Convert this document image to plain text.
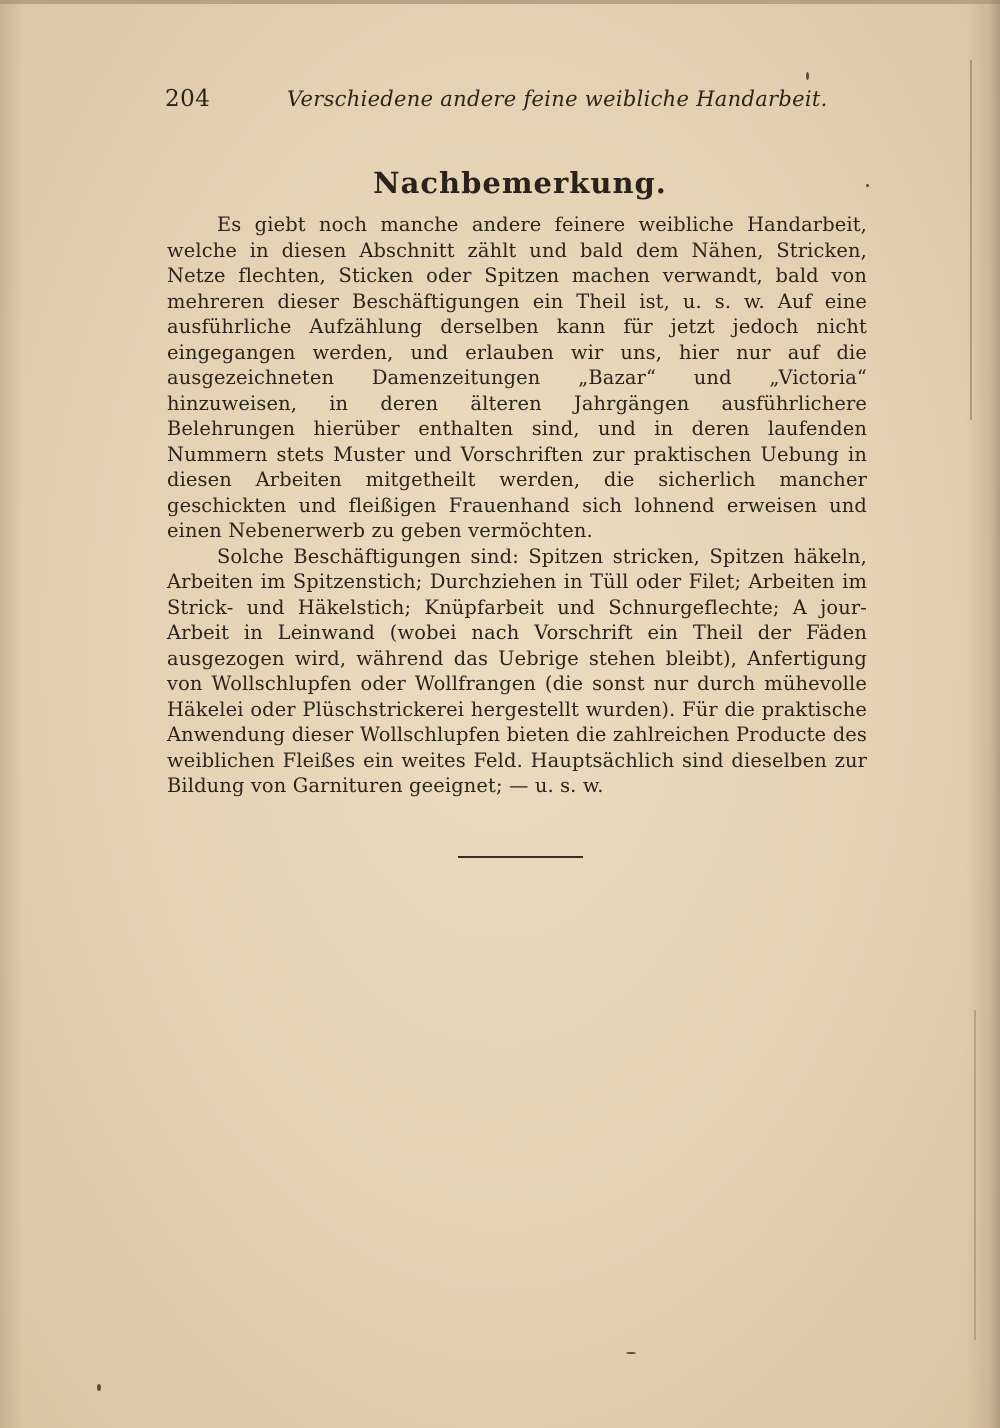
204	Verschiedene andere feine weibliche Handarbeit.
Nachbemerkung.

Es giebt noch manche andere feinere weibliche Handarbeit, welche in diesen Abschnitt zählt und bald dem Nähen, Stricken, Netze flechten, Sticken oder Spitzen machen verwandt, bald von mehreren dieser Beschäftigungen ein Theil ist, u. s. w. Auf eine ausführliche Aufzählung derselben kann für jetzt jedoch nicht eingegangen werden, und erlauben wir uns, hier nur auf die ausgezeichneten Damenzeitungen „Bazar“ und „Victoria“ hinzuweisen, in deren älteren Jahrgängen ausführlichere Belehrungen hierüber enthalten sind, und in deren laufenden Nummern stets Muster und Vorschriften zur praktischen Uebung in diesen Arbeiten mitgetheilt werden, die sicherlich mancher geschickten und fleißigen Frauenhand sich lohnend erweisen und einen Nebenerwerb zu geben vermöchten.

Solche Beschäftigungen sind: Spitzen stricken, Spitzen häkeln, Arbeiten im Spitzenstich; Durchziehen in Tüll oder Filet; Arbeiten im Strick- und Häkelstich; Knüpfarbeit und Schnurgeflechte; A jour-Arbeit in Leinwand (wobei nach Vorschrift ein Theil der Fäden ausgezogen wird, während das Uebrige stehen bleibt), Anfertigung von Wollschlupfen oder Wollfrangen (die sonst nur durch mühevolle Häkelei oder Plüschstrickerei hergestellt wurden). Für die praktische Anwendung dieser Wollschlupfen bieten die zahlreichen Producte des weiblichen Fleißes ein weites Feld. Hauptsächlich sind dieselben zur Bildung von Garnituren geeignet; — u. s. w.
